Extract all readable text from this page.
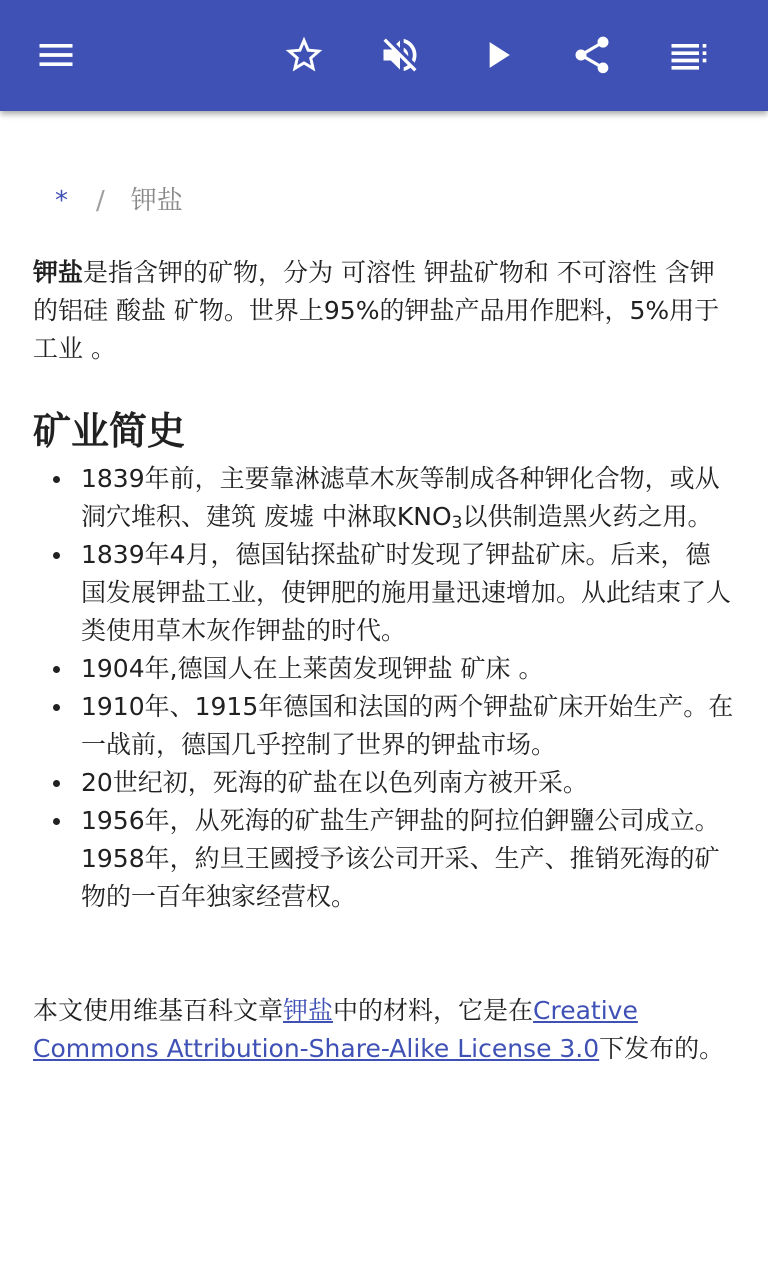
* / 钾盐

钾盐是指含钾的矿物，分为 可溶性 钾盐矿物和 不可溶性 含钾的铝硅 酸盐 矿物。世界上95%的钾盐产品用作肥料，5%用于工业 。

矿业简史
1839年前，主要靠淋滤草木灰等制成各种钾化合物，或从洞穴堆积、建筑 废墟 中淋取$KNO_3$以供制造黑火药之用。
1839年4月，德国钻探盐矿时发现了钾盐矿床。后来，德国发展钾盐工业，使钾肥的施用量迅速增加。从此结束了人类使用草木灰作钾盐的时代。
1904年,德国人在上莱茵发现钾盐 矿床 。
1910年、1915年德国和法国的两个钾盐矿床开始生产。在一战前，德国几乎控制了世界的钾盐市场。
20世纪初，死海的矿盐在以色列南方被开采。
1956年，从死海的矿盐生产钾盐的阿拉伯鉀鹽公司成立。1958年，約旦王國授予该公司开采、生产、推销死海的矿物的一百年独家经营权。

本文使用维基百科文章钾盐中的材料，它是在Creative Commons Attribution-Share-Alike License 3.0下发布的。
